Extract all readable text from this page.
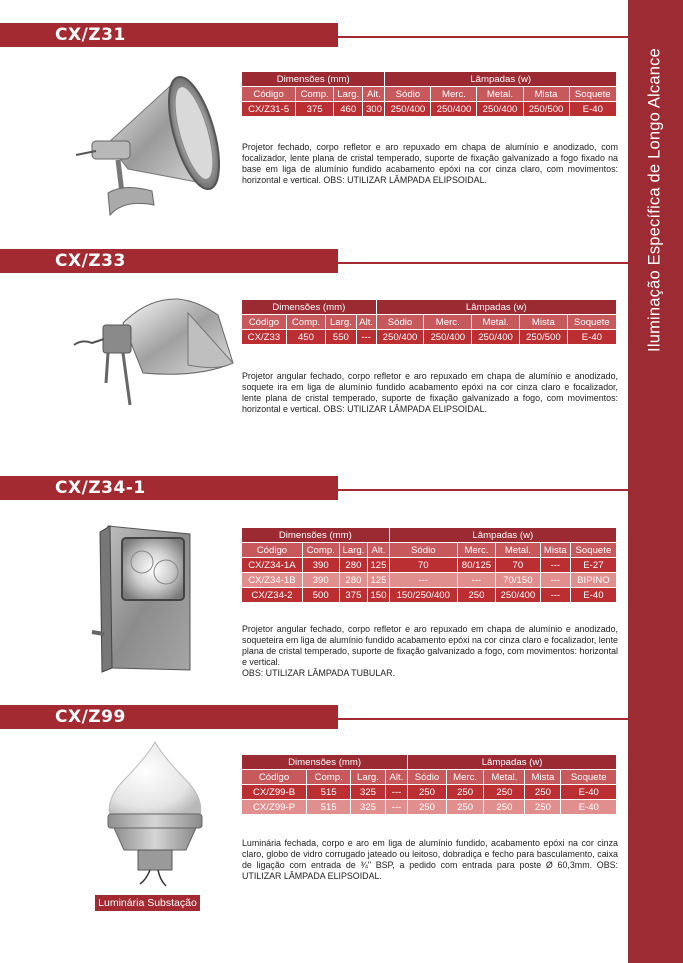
Iluminação Específica de Longo Alcance
CX/Z31
Dimensões (mm)				Lâmpadas (w)				
Código	Comp.	Larg.	Alt.	Sódio	Merc.	Metal.	Mista	Soquete
CX/Z31-5	375	460	300	250/400	250/400	250/400	250/500	E-40

Projetor fechado, corpo refletor e aro repuxado em chapa de alumínio e anodizado, com focalizador, lente plana de cristal temperado, suporte de fixação galvanizado a fogo fixado na base em liga de alumínio fundido acabamento epóxi na cor cinza claro, com movimentos: horizontal e vertical. OBS: UTILIZAR LÂMPADA ELIPSOIDAL.

CX/Z33
Dimensões (mm)				Lâmpadas (w)				
Código	Comp.	Larg.	Alt.	Sódio	Merc.	Metal.	Mista	Soquete
CX/Z33	450	550	---	250/400	250/400	250/400	250/500	E-40

Projetor angular fechado, corpo refletor e aro repuxado em chapa de alumínio e anodizado, soquete ira em liga de alumínio fundido acabamento epóxi na cor cinza claro e focalizador, lente plana de cristal temperado, suporte de fixação galvanizado a fogo, com movimentos: horizontal e vertical. OBS: UTILIZAR LÂMPADA ELIPSOIDAL.

CX/Z34-1
Dimensões (mm)				Lâmpadas (w)				
Código	Comp.	Larg.	Alt.	Sódio	Merc.	Metal.	Mista	Soquete
CX/Z34-1A	390	280	125	70	80/125	70	---	E-27
CX/Z34-1B	390	280	125	---	---	70/150	---	BIPINO
CX/Z34-2	500	375	150	150/250/400	250	250/400	---	E-40

Projetor angular fechado, corpo refletor e aro repuxado em chapa de alumínio e anodizado, soqueteira em liga de alumínio fundido acabamento epóxi na cor cinza claro e focalizador, lente plana de cristal temperado, suporte de fixação galvanizado a fogo, com movimentos: horizontal e vertical.

OBS: UTILIZAR LÂMPADA TUBULAR.

CX/Z99
Luminária Substação
Dimensões (mm)				Lâmpadas (w)				
Código	Comp.	Larg.	Alt.	Sódio	Merc.	Metal.	Mista	Soquete
CX/Z99-B	515	325	---	250	250	250	250	E-40
CX/Z99-P	515	325	---	250	250	250	250	E-40

Luminária fechada, corpo e aro em liga de alumínio fundido, acabamento epóxi na cor cinza claro, globo de vidro corrugado jateado ou leitoso, dobradiça e fecho para basculamento, caixa de ligação com entrada de ¾" BSP, a pedido com entrada para poste Ø 60,3mm. OBS: UTILIZAR LÂMPADA ELIPSOIDAL.
